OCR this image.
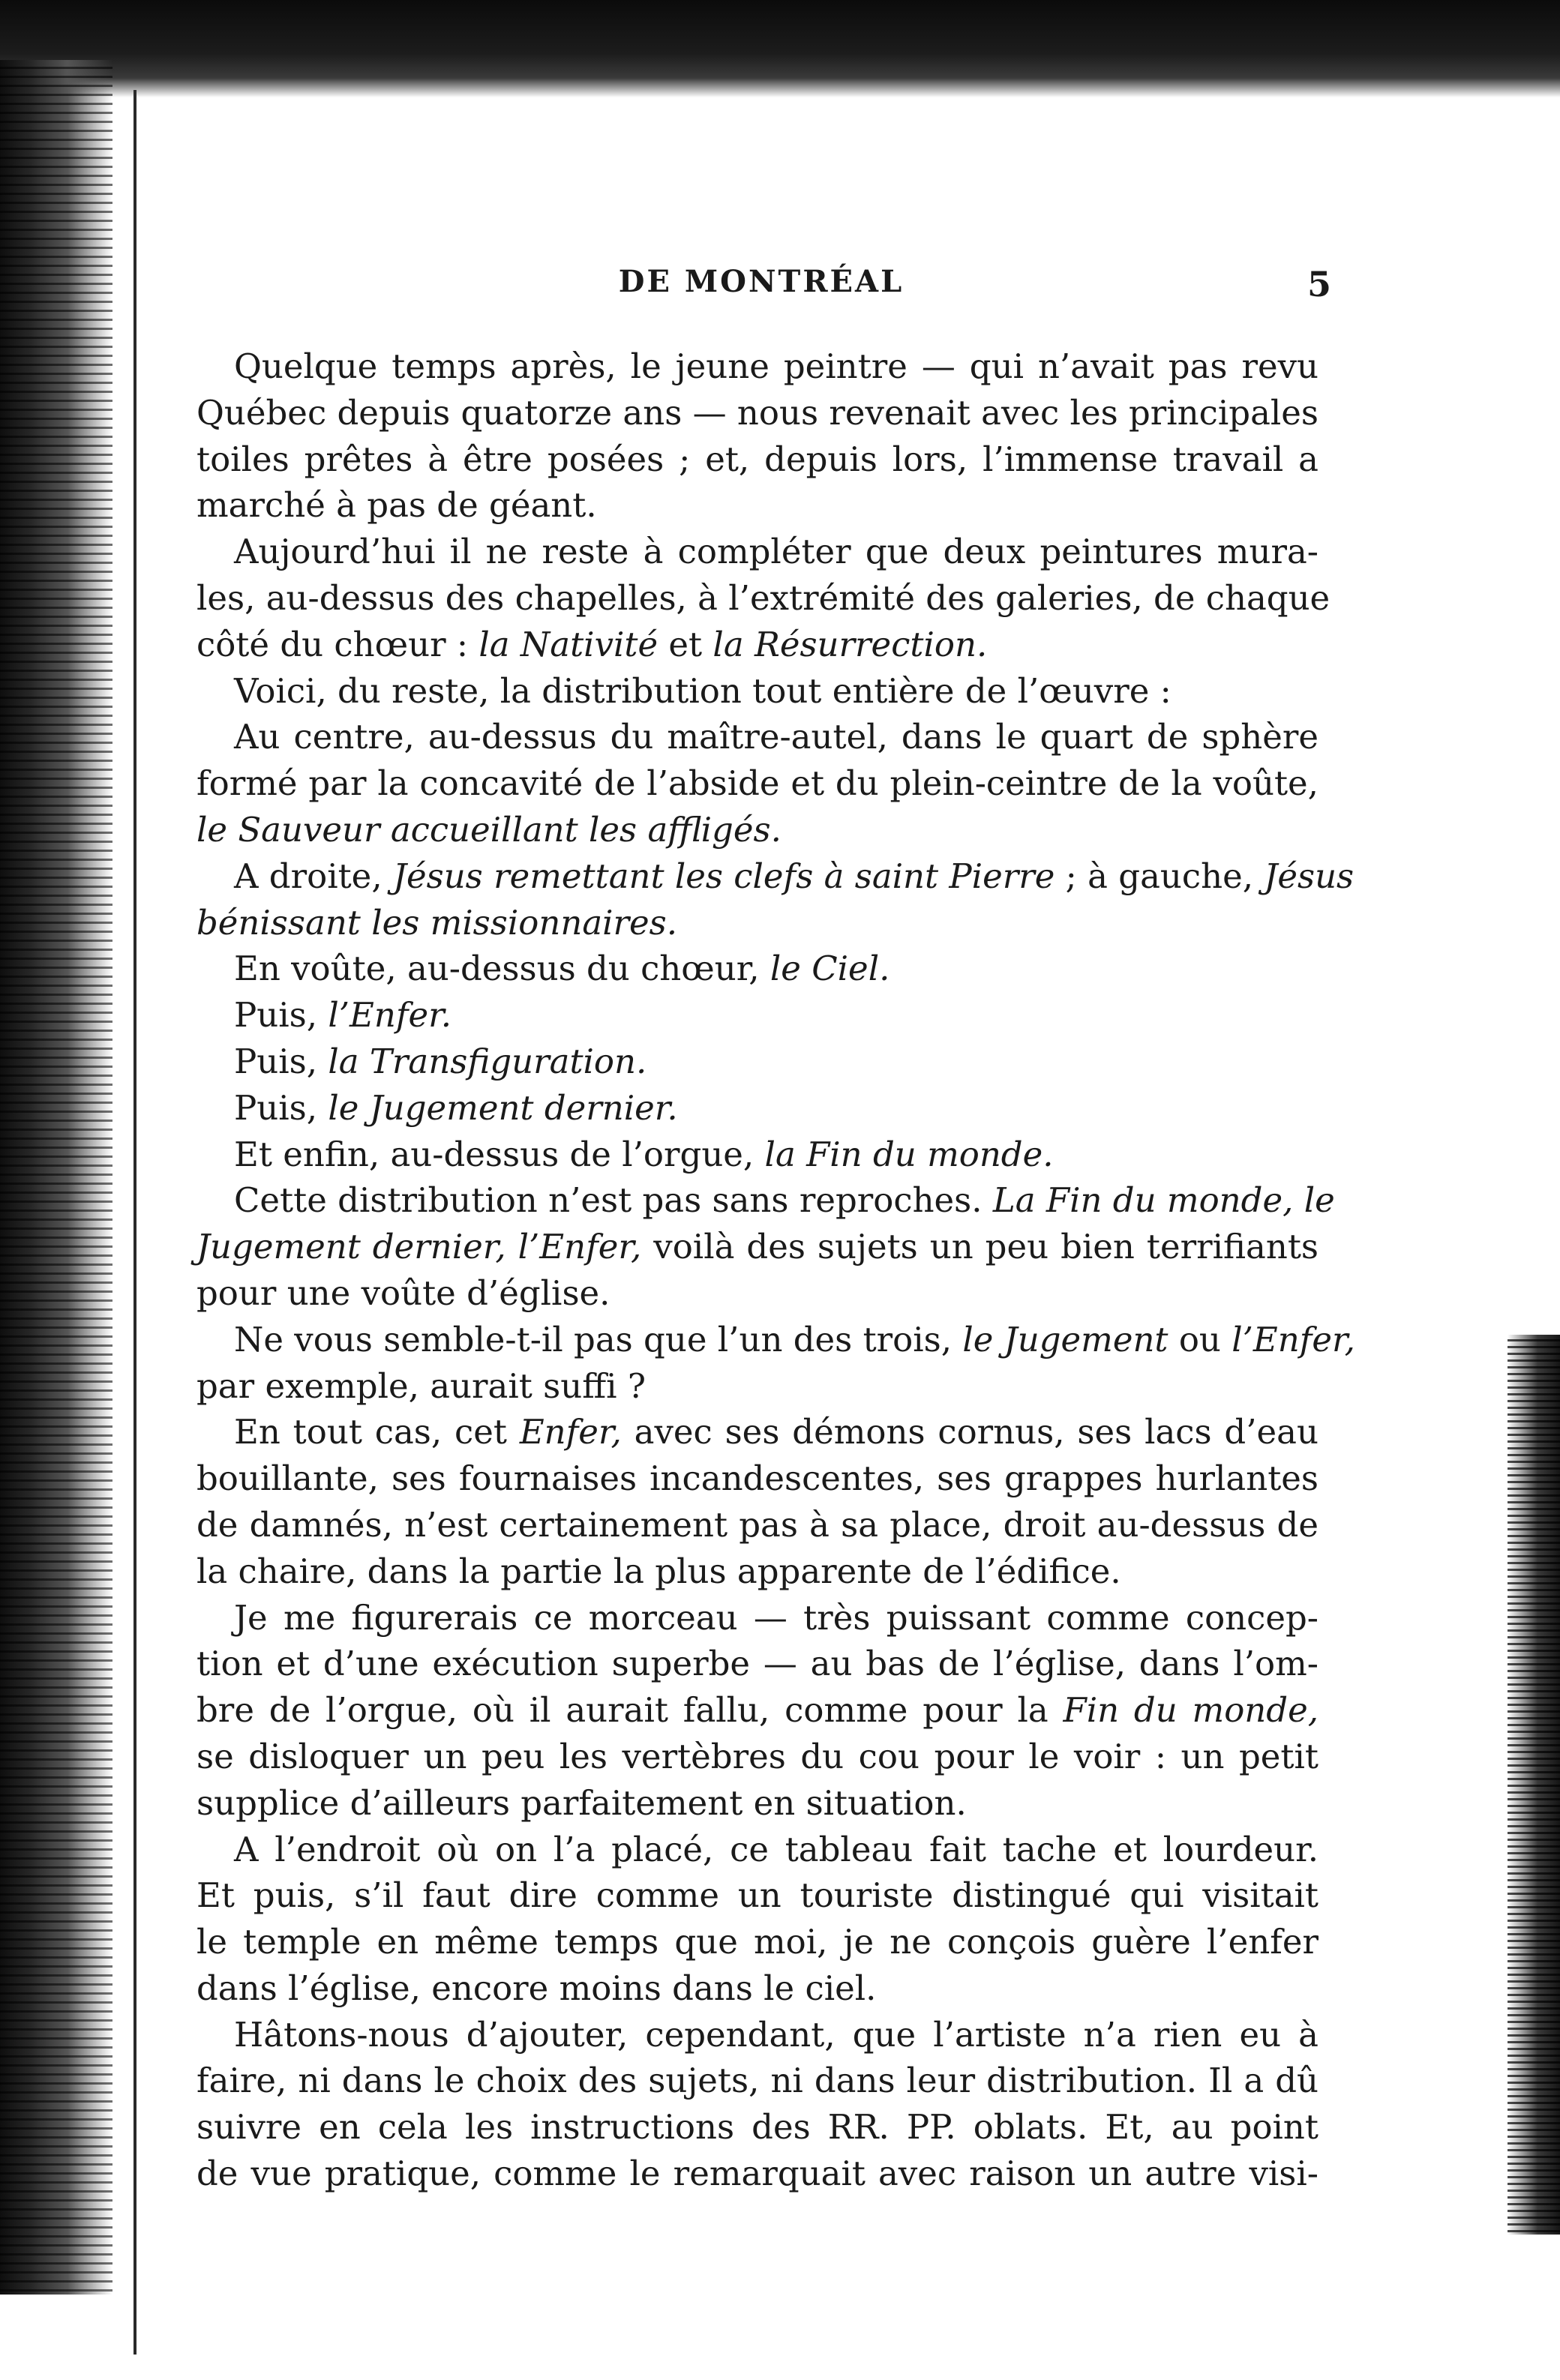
DE MONTRÉAL	5
Quelque temps après, le jeune peintre — qui n’avait pas revu
Québec depuis quatorze ans — nous revenait avec les principales
toiles prêtes à être posées ; et, depuis lors, l’immense travail a
marché à pas de géant.
Aujourd’hui il ne reste à compléter que deux peintures mura-
les, au-dessus des chapelles, à l’extrémité des galeries, de chaque
côté du chœur : la Nativité et la Résurrection.
Voici, du reste, la distribution tout entière de l’œuvre :
Au centre, au-dessus du maître-autel, dans le quart de sphère
formé par la concavité de l’abside et du plein-ceintre de la voûte,
le Sauveur accueillant les affligés.
A droite, Jésus remettant les clefs à saint Pierre ; à gauche, Jésus
bénissant les missionnaires.
En voûte, au-dessus du chœur, le Ciel.
Puis, l’Enfer.
Puis, la Transfiguration.
Puis, le Jugement dernier.
Et enfin, au-dessus de l’orgue, la Fin du monde.
Cette distribution n’est pas sans reproches. La Fin du monde, le
Jugement dernier, l’Enfer, voilà des sujets un peu bien terrifiants
pour une voûte d’église.
Ne vous semble-t-il pas que l’un des trois, le Jugement ou l’Enfer,
par exemple, aurait suffi ?
En tout cas, cet Enfer, avec ses démons cornus, ses lacs d’eau
bouillante, ses fournaises incandescentes, ses grappes hurlantes
de damnés, n’est certainement pas à sa place, droit au-dessus de
la chaire, dans la partie la plus apparente de l’édifice.
Je me figurerais ce morceau — très puissant comme concep-
tion et d’une exécution superbe — au bas de l’église, dans l’om-
bre de l’orgue, où il aurait fallu, comme pour la Fin du monde,
se disloquer un peu les vertèbres du cou pour le voir : un petit
supplice d’ailleurs parfaitement en situation.
A l’endroit où on l’a placé, ce tableau fait tache et lourdeur.
Et puis, s’il faut dire comme un touriste distingué qui visitait
le temple en même temps que moi, je ne conçois guère l’enfer
dans l’église, encore moins dans le ciel.
Hâtons-nous d’ajouter, cependant, que l’artiste n’a rien eu à
faire, ni dans le choix des sujets, ni dans leur distribution. Il a dû
suivre en cela les instructions des RR. PP. oblats. Et, au point
de vue pratique, comme le remarquait avec raison un autre visi-
